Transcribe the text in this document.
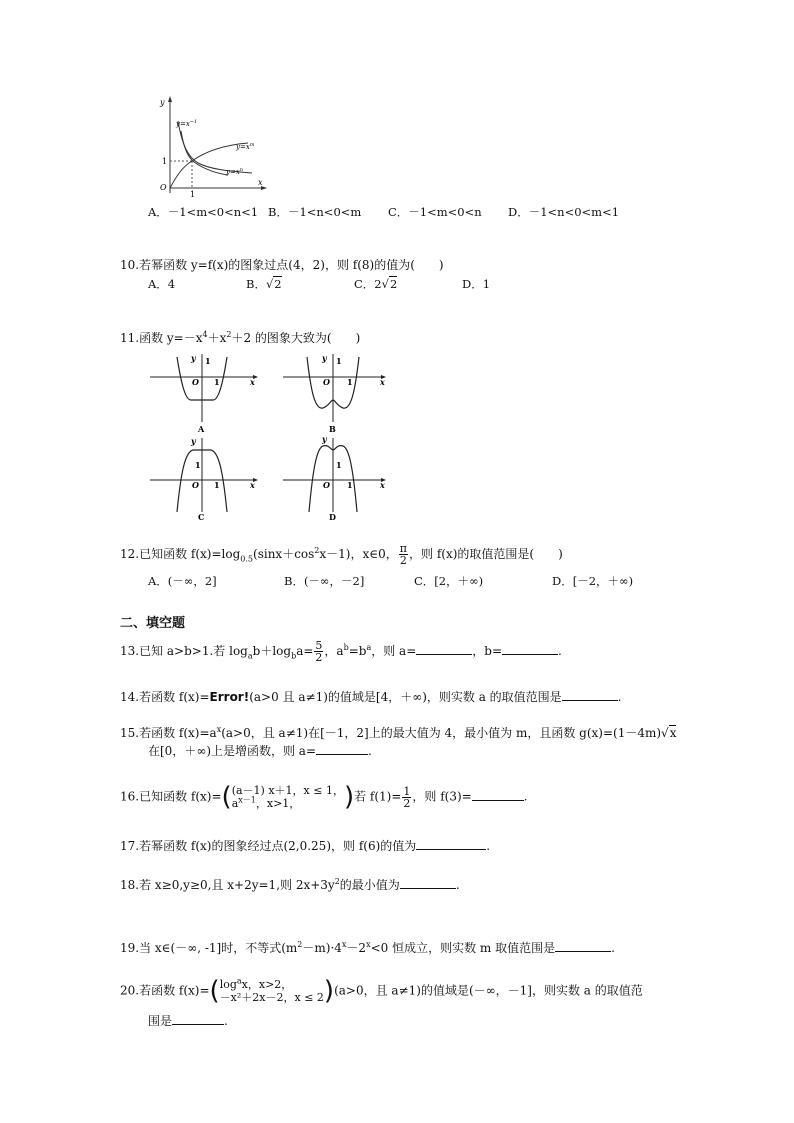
y
x
O
1
1
$y=x^{-1}$
$y=x^m$
$y=x^n$
A．－1<m<0<n<1 B．－1<n<0<m C．－1<m<0<n D．－1<n<0<m<1
10.若幂函数 y=f(x)的图象过点(4，2)，则 f(8)的值为(　　)
A．4	B．√2	C．2√2	D．1
11.函数 $y=-x^4+x^2+2$ 的图象大致为(　　)
y
O
1
1	x
A
y
O
1
1	x
B
y
O
1
1	x
C
y
O
1
1	x
D
12.已知函数 $f(x)=\log_{0.5}(\sin x+\cos^2x-1)$，x∈0， $\frac{\pi}{2}$ ，则 f(x)的取值范围是(　　)
A．(－∞，2]	B．(－∞，－2]	C．[2，＋∞)	D．[－2，＋∞)
二、填空题
13.已知 a>b>1.若 $\log_ab+\log_ba= \frac{5}{2}$ ，$a^b=b^a$，则 a=	，b=	.
14.若函数 f(x)=Error!(a>0 且 a≠1)的值域是[4，＋∞)，则实数 a 的取值范围是	.
15.若函数 $f(x)=a^x(a>0$，且 a≠1)在[－1，2]上的最大值为 4，最小值为 m，且函数 g(x)=(1－4m)√x
在[0，＋∞)上是增函数，则 a=	.
16.已知函数 f(x)=((a－1) x＋1，x ≤ 1，
$a^{x-1}$，x>1， )若 $f(1)= \frac{1}{2}$ ，则 f(3)=	.
17.若幂函数 f(x)的图象经过点(2,0.25)，则 f(6)的值为	.
18.若 x≥0,y≥0,且 x+2y=1,则 $2x+3y^2$的最小值为	.
19.当 x∈(－∞, -1]时，不等式$(m^2-m)\cdot 4^x-2^x<0$ 恒成立，则实数 m 取值范围是	.
20.若函数 $f(x)=(\log^ax$，x>2，
－x²＋2x－2，x ≤ 2)(a>0，且 a≠1)的值域是(－∞，－1]，则实数 a 的取值范
围是	.
